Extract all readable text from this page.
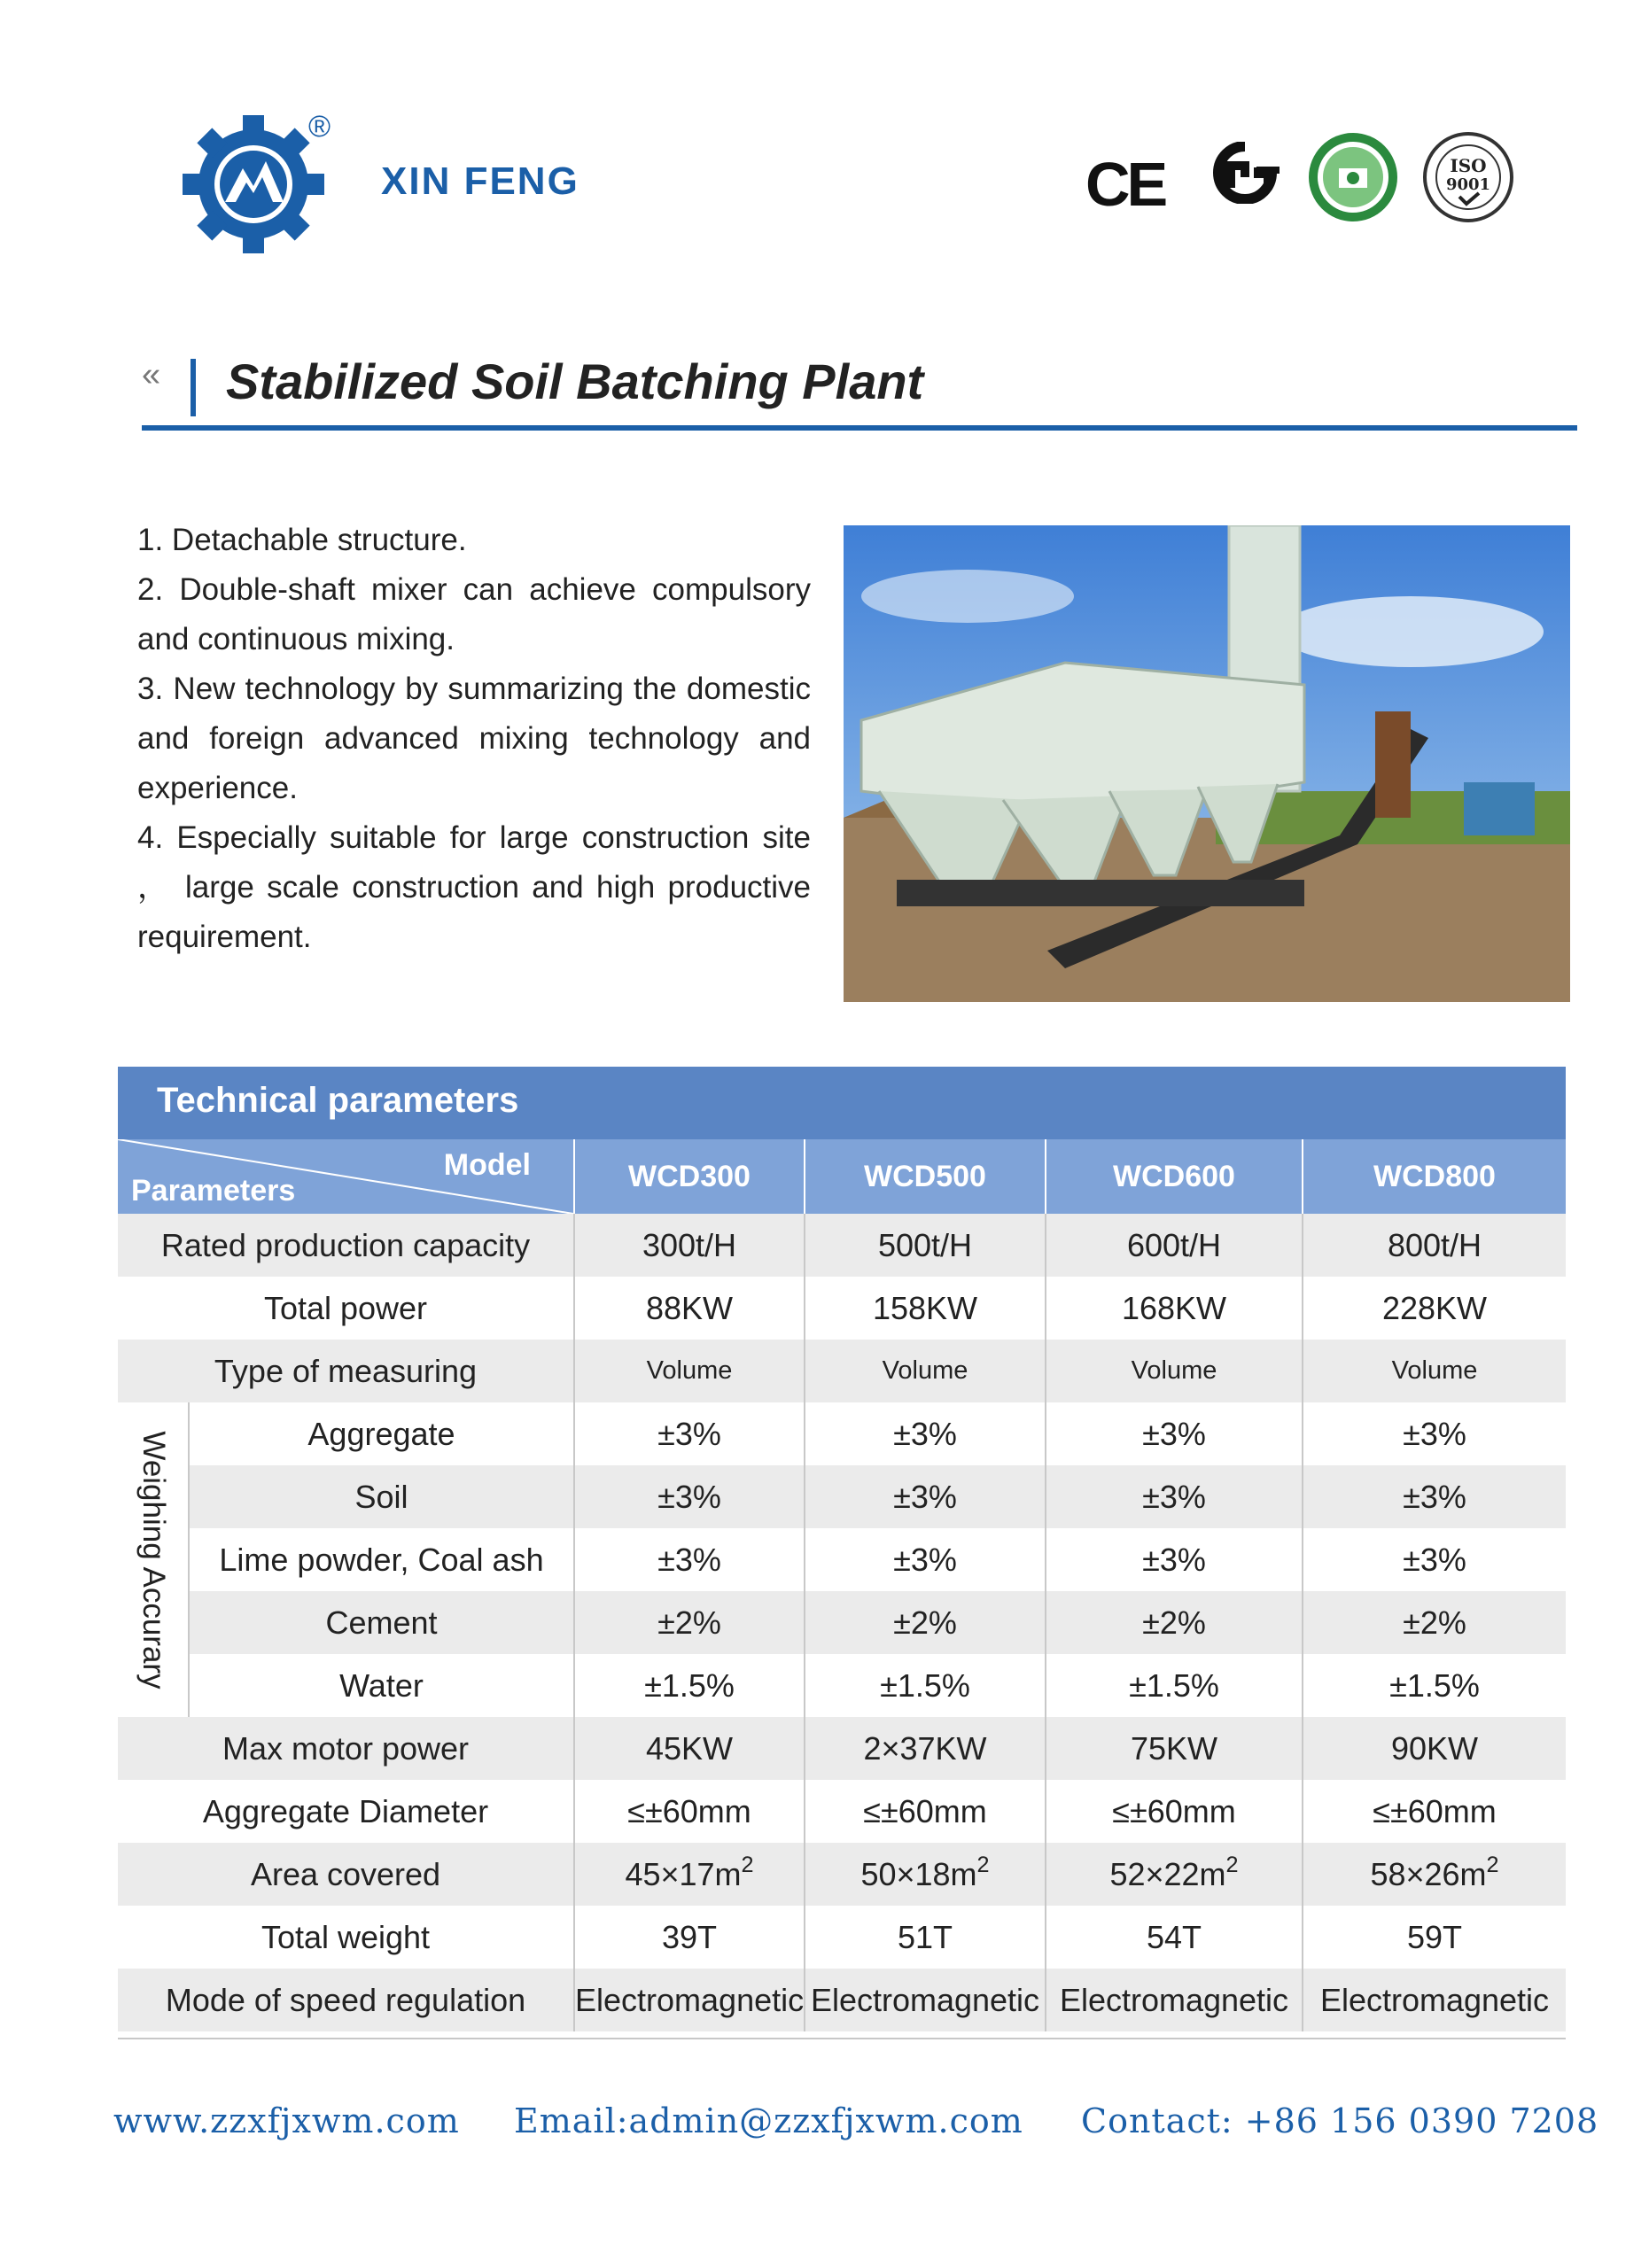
®
XIN FENG	CE	ISO
9001
« Stabilized Soil Batching Plant

1. Detachable structure.

2. Double-shaft mixer can achieve compulsory and continuous mixing.

3. New technology by summarizing the domestic and foreign advanced mixing technology and experience.

4. Especially suitable for large construction site ， large scale construction and high productive requirement.

Technical parameters
Model
Parameters		WCD300	WCD500	WCD600	WCD800
Rated production capacity		300t/H	500t/H	600t/H	800t/H
Total power		88KW	158KW	168KW	228KW
Type of measuring		Volume	Volume	Volume	Volume

Weighing Accurary	Aggregate	±3%	±3%	±3%	±3%
	Soil	±3%	±3%	±3%	±3%
	Lime powder, Coal ash	±3%	±3%	±3%	±3%
	Cement	±2%	±2%	±2%	±2%
	Water	±1.5%	±1.5%	±1.5%	±1.5%
Max motor power		45KW	2×37KW	75KW	90KW
Aggregate Diameter		≤±60mm	≤±60mm	≤±60mm	≤±60mm
Area covered		$45\times 17m^2$	$50\times 18m^2$	$52\times 22m^2$	$58\times 26m^2$
Total weight		39T	51T	54T	59T
Mode of speed regulation		Electromagnetic	Electromagnetic	Electromagnetic	Electromagnetic
www.zzxfjxwm.com Email:admin@zzxfjxwm.com Contact: +86 156 0390 7208
